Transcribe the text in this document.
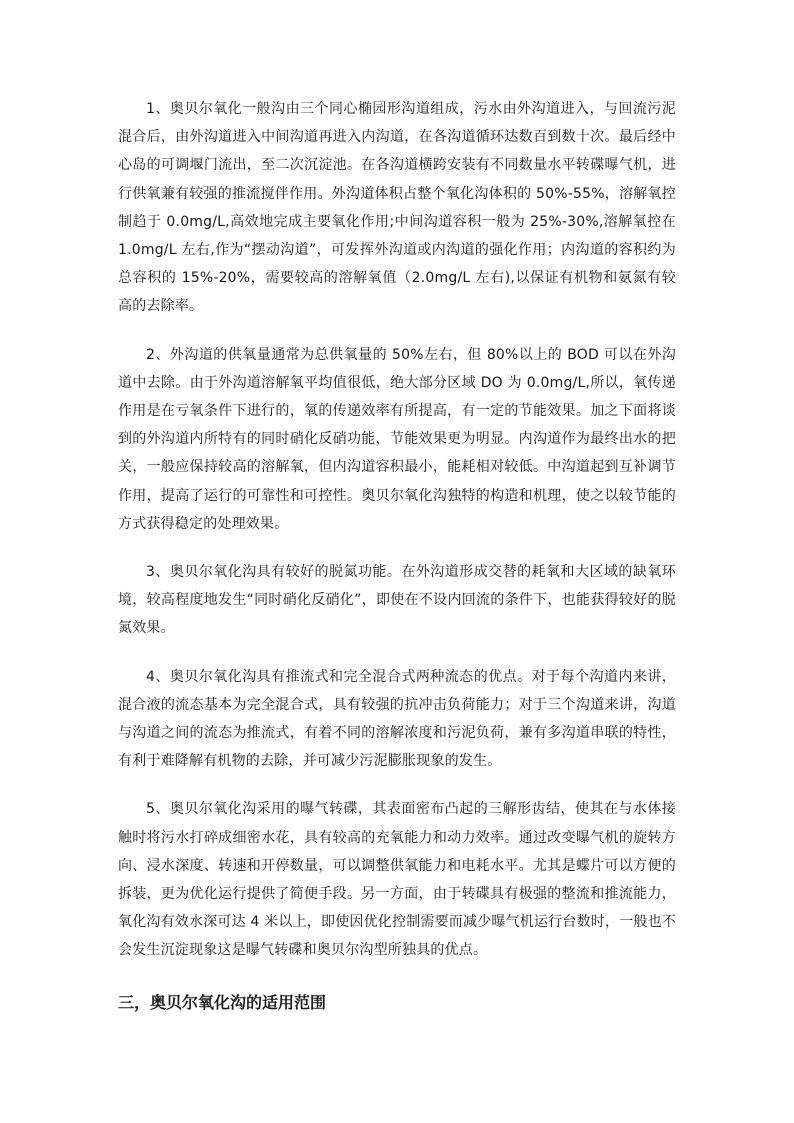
1、奥贝尔氧化一般沟由三个同心椭园形沟道组成，污水由外沟道进入，与回流污泥混合后，由外沟道进入中间沟道再进入内沟道，在各沟道循环达数百到数十次。最后经中心岛的可调堰门流出，至二次沉淀池。在各沟道横跨安装有不同数量水平转碟曝气机，进行供氧兼有较强的推流搅伴作用。外沟道体积占整个氧化沟体积的 50%-55%，溶解氧控制趋于 0.0mg/L,高效地完成主要氧化作用;中间沟道容积一般为 25%-30%,溶解氧控在 1.0mg/L 左右,作为“摆动沟道”，可发挥外沟道或内沟道的强化作用；内沟道的容积约为总容积的 15%-20%，需要较高的溶解氧值（2.0mg/L 左右),以保证有机物和氨氮有较高的去除率。

2、外沟道的供氧量通常为总供氧量的 50%左右，但 80%以上的 BOD 可以在外沟道中去除。由于外沟道溶解氧平均值很低，绝大部分区域 DO 为 0.0mg/L,所以，氧传递作用是在亏氧条件下进行的，氧的传递效率有所提高，有一定的节能效果。加之下面将谈到的外沟道内所特有的同时硝化反硝功能，节能效果更为明显。内沟道作为最终出水的把关，一般应保持较高的溶解氧，但内沟道容积最小，能耗相对较低。中沟道起到互补调节作用，提高了运行的可靠性和可控性。奥贝尔氧化沟独特的构造和机理，使之以较节能的方式获得稳定的处理效果。

3、奥贝尔氧化沟具有较好的脱氮功能。在外沟道形成交替的耗氧和大区域的缺氧环境，较高程度地发生“同时硝化反硝化”，即使在不设内回流的条件下，也能获得较好的脱氮效果。

4、奥贝尔氧化沟具有推流式和完全混合式两种流态的优点。对于每个沟道内来讲，混合液的流态基本为完全混合式，具有较强的抗冲击负荷能力；对于三个沟道来讲，沟道与沟道之间的流态为推流式，有着不同的溶解浓度和污泥负荷，兼有多沟道串联的特性，有利于难降解有机物的去除，并可减少污泥膨胀现象的发生。

5、奥贝尔氧化沟采用的曝气转碟，其表面密布凸起的三解形齿结，使其在与水体接触时将污水打碎成细密水花，具有较高的充氧能力和动力效率。通过改变曝气机的旋转方向、浸水深度、转速和开停数量，可以调整供氧能力和电耗水平。尤其是蝶片可以方便的拆装，更为优化运行提供了简便手段。另一方面，由于转碟具有极强的整流和推流能力，氧化沟有效水深可达 4 米以上，即使因优化控制需要而减少曝气机运行台数时，一般也不会发生沉淀现象这是曝气转碟和奥贝尔沟型所独具的优点。

三，奥贝尔氧化沟的适用范围
